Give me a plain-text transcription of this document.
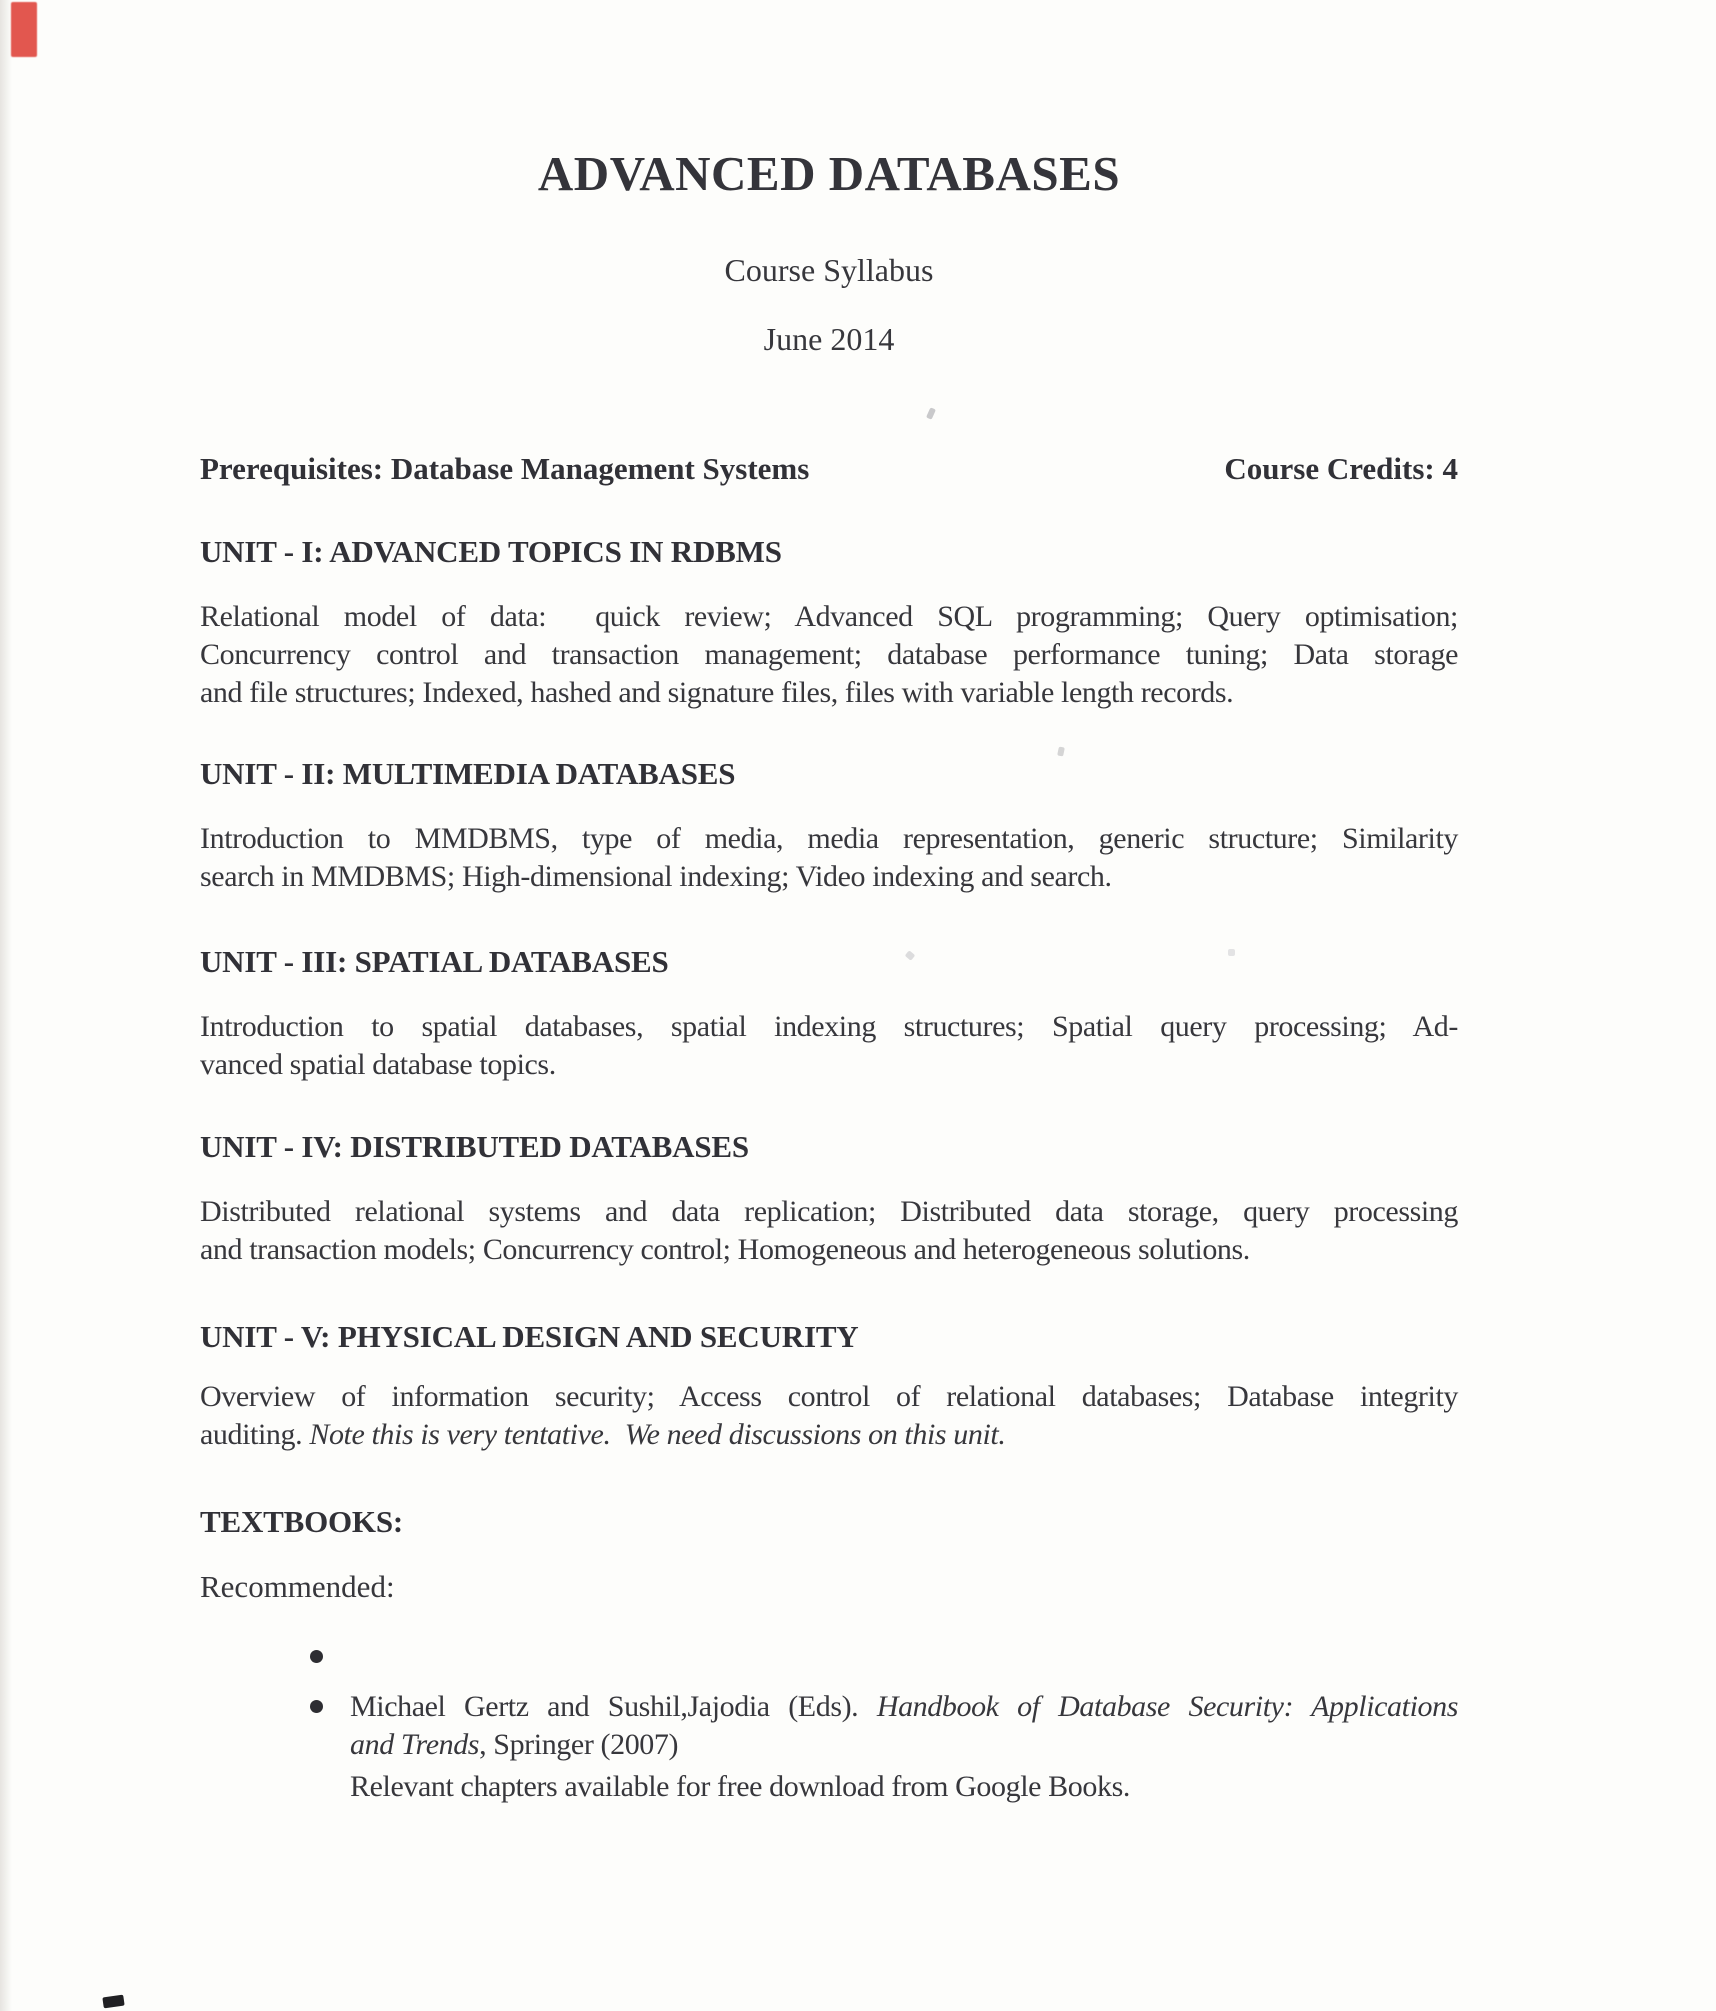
ADVANCED DATABASES
Course Syllabus
June 2014
Prerequisites: Database Management Systems	Course Credits: 4
UNIT - I: ADVANCED TOPICS IN RDBMS
Relational model of data:  quick review; Advanced SQL programming; Query optimisation;
Concurrency control and transaction management; database performance tuning; Data storage
and file structures; Indexed, hashed and signature files, files with variable length records.
UNIT - II: MULTIMEDIA DATABASES
Introduction to MMDBMS, type of media, media representation, generic structure; Similarity
search in MMDBMS; High-dimensional indexing; Video indexing and search.
UNIT - III: SPATIAL DATABASES
Introduction to spatial databases, spatial indexing structures; Spatial query processing; Ad-
vanced spatial database topics.
UNIT - IV: DISTRIBUTED DATABASES
Distributed relational systems and data replication; Distributed data storage, query processing
and transaction models; Concurrency control; Homogeneous and heterogeneous solutions.
UNIT - V: PHYSICAL DESIGN AND SECURITY
Overview of information security; Access control of relational databases; Database integrity
auditing. Note this is very tentative.  We need discussions on this unit.
TEXTBOOKS:
Recommended:
Michael Gertz and Sushil,Jajodia (Eds). Handbook of Database Security: Applications
and Trends, Springer (2007)
Relevant chapters available for free download from Google Books.
